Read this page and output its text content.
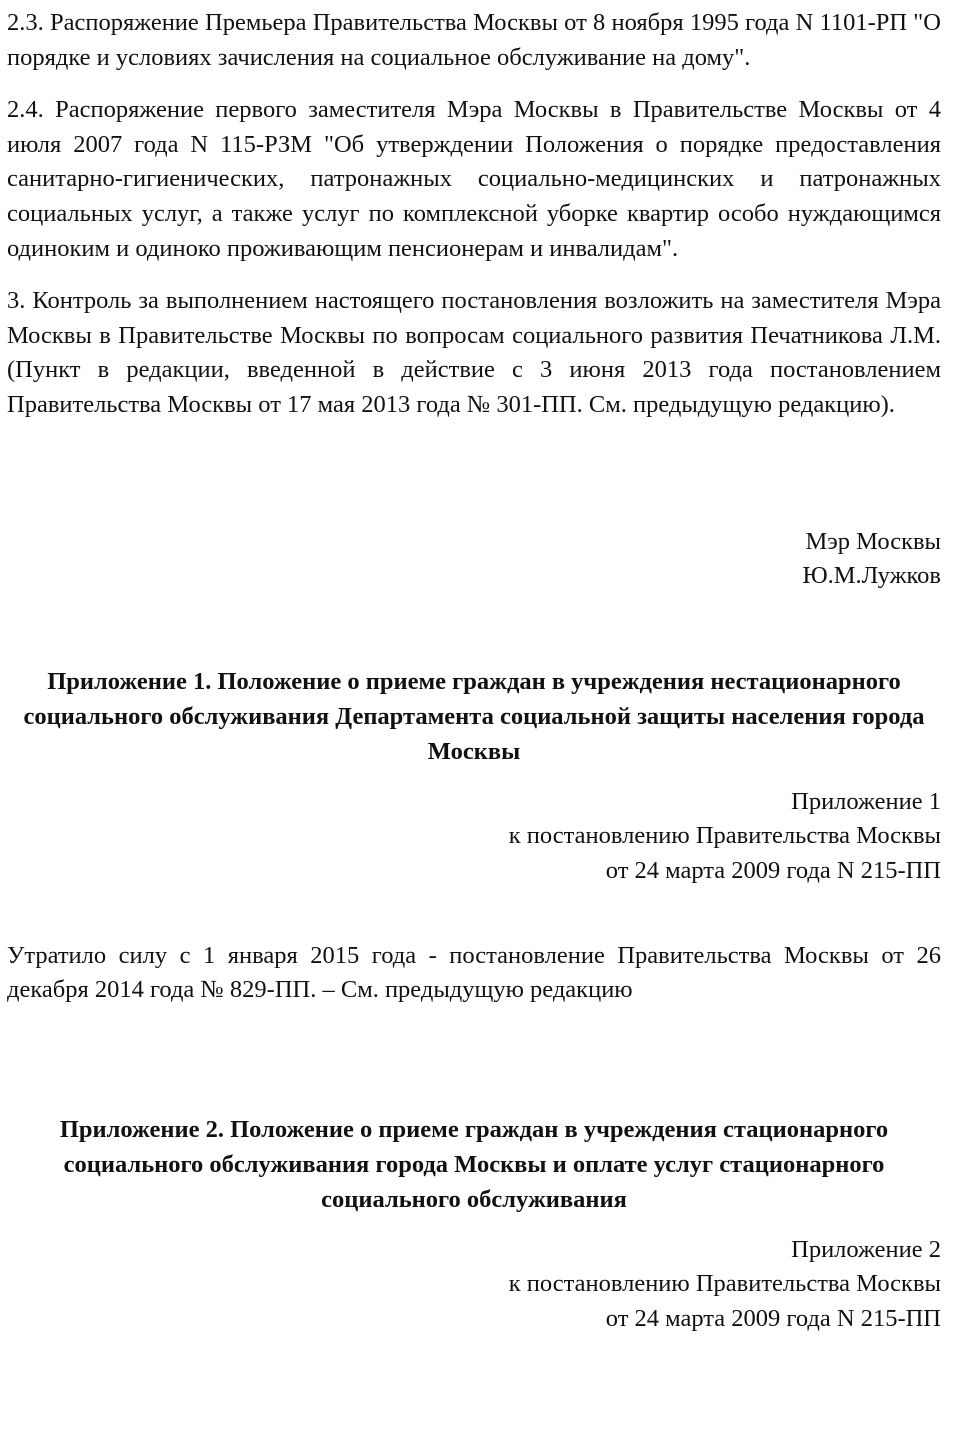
2.3. Распоряжение Премьера Правительства Москвы от 8 ноября 1995 года N 1101-РП "О порядке и условиях зачисления на социальное обслуживание на дому".

2.4. Распоряжение первого заместителя Мэра Москвы в Правительстве Москвы от 4 июля 2007 года N 115-РЗМ "Об утверждении Положения о порядке предоставления санитарно-гигиенических, патронажных социально-медицинских и патронажных социальных услуг, а также услуг по комплексной уборке квартир особо нуждающимся одиноким и одиноко проживающим пенсионерам и инвалидам".

3. Контроль за выполнением настоящего постановления возложить на заместителя Мэра Москвы в Правительстве Москвы по вопросам социального развития Печатникова Л.М. (Пункт в редакции, введенной в действие с 3 июня 2013 года постановлением Правительства Москвы от 17 мая 2013 года № 301-ПП. См. предыдущую редакцию).

Мэр Москвы
Ю.М.Лужков
Приложение 1. Положение о приеме граждан в учреждения нестационарного социального обслуживания Департамента социальной защиты населения города Москвы
Приложение 1
к постановлению Правительства Москвы
от 24 марта 2009 года N 215-ПП

Утратило силу с 1 января 2015 года - постановление Правительства Москвы от 26 декабря 2014 года № 829-ПП. – См. предыдущую редакцию

Приложение 2. Положение о приеме граждан в учреждения стационарного социального обслуживания города Москвы и оплате услуг стационарного социального обслуживания
Приложение 2
к постановлению Правительства Москвы
от 24 марта 2009 года N 215-ПП
